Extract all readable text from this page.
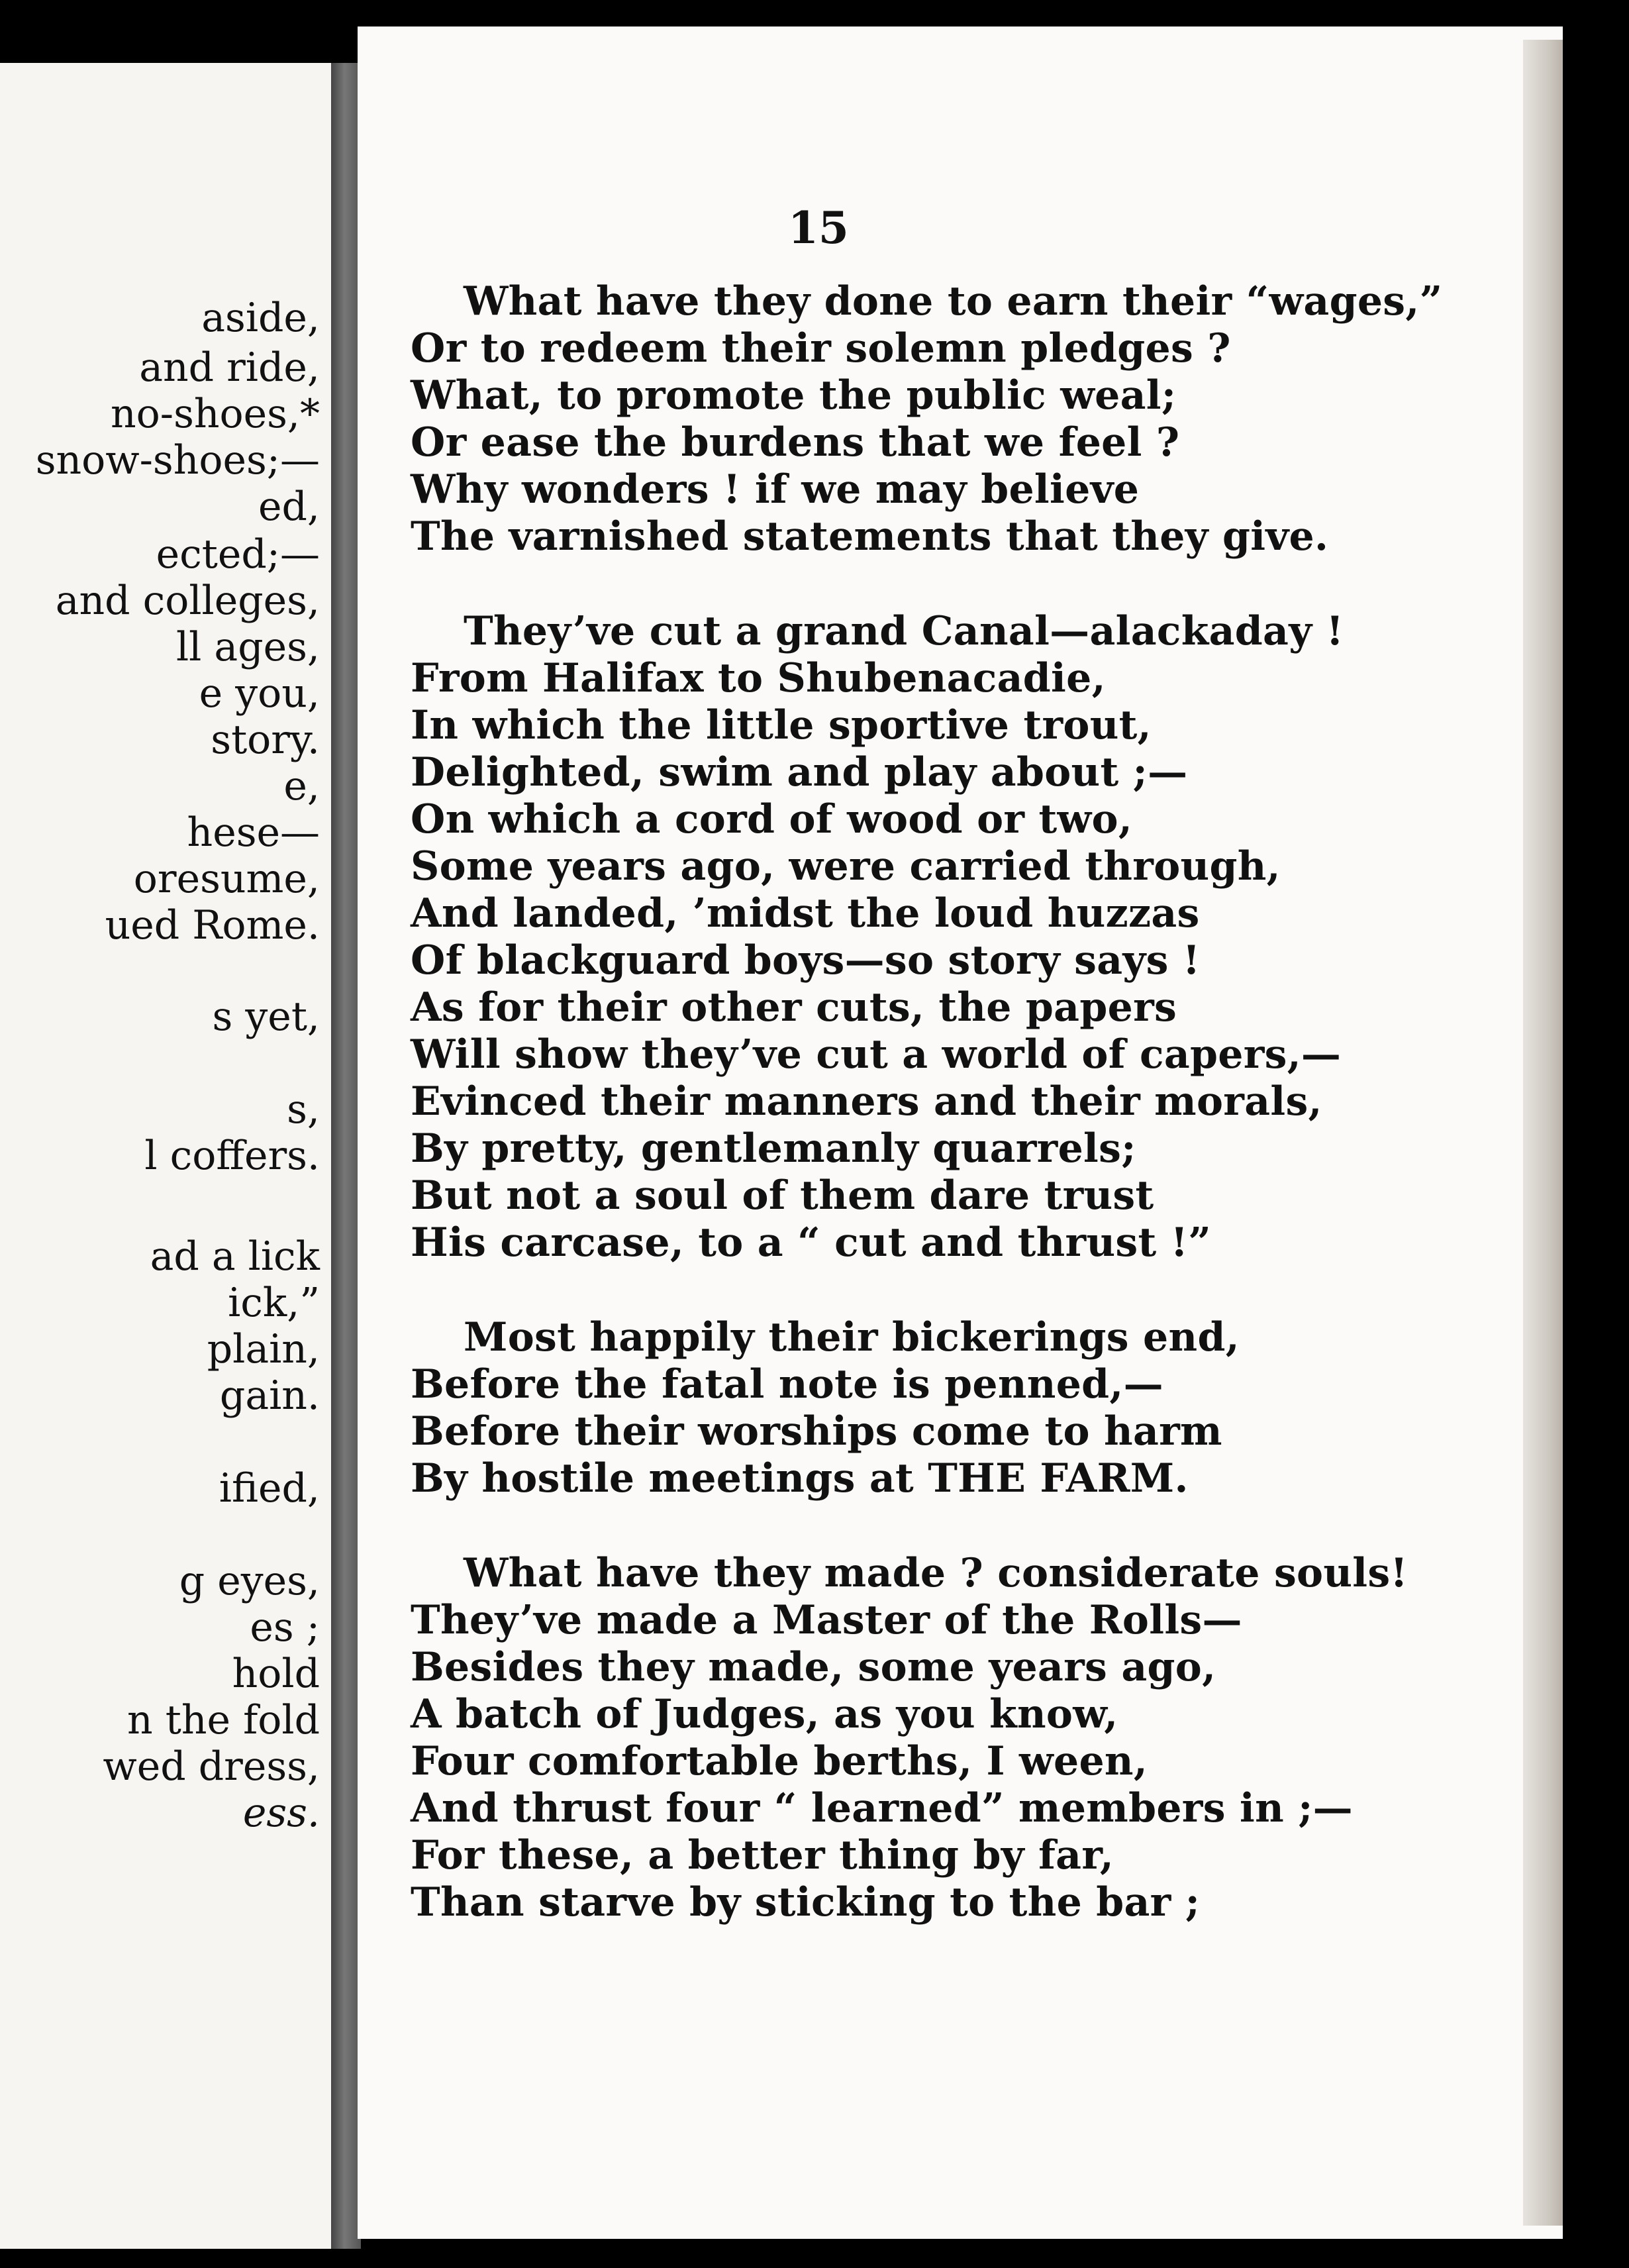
aside,
and ride,
no-shoes,*
snow-shoes;—
ed,
ected;—
and colleges,
ll ages,
e you,
story.
e,
hese—
oresume,
ued Rome.
s yet,
s,
l coffers.
ad a lick
ick,”
plain,
gain.
ified,
g eyes,
es ;
hold
n the fold
wed dress,
ess.
15
What have they done to earn their “wages,”
Or to redeem their solemn pledges ?
What, to promote the public weal;
Or ease the burdens that we feel ?
Why wonders ! if we may believe
The varnished statements that they give.
They’ve cut a grand Canal—alackaday !
From Halifax to Shubenacadie,
In which the little sportive trout,
Delighted, swim and play about ;—
On which a cord of wood or two,
Some years ago, were carried through,
And landed, ’midst the loud huzzas
Of blackguard boys—so story says !
As for their other cuts, the papers
Will show they’ve cut a world of capers,—
Evinced their manners and their morals,
By pretty, gentlemanly quarrels;
But not a soul of them dare trust
His carcase, to a “ cut and thrust !”
Most happily their bickerings end,
Before the fatal note is penned,—
Before their worships come to harm
By hostile meetings at THE FARM.
What have they made ? considerate souls!
They’ve made a Master of the Rolls—
Besides they made, some years ago,
A batch of Judges, as you know,
Four comfortable berths, I ween,
And thrust four “ learned” members in ;—
For these, a better thing by far,
Than starve by sticking to the bar ;
